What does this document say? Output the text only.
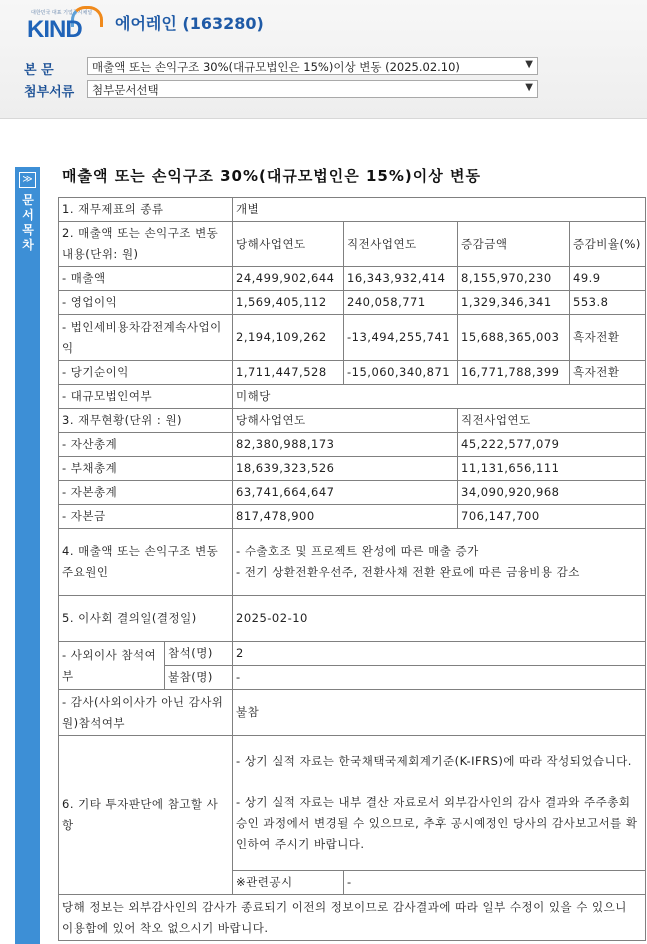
대한민국 대표 기업공시채널
KIND 에어레인 (163280)
본 문	매출액 또는 손익구조 30%(대규모법인은 15%)이상 변동 (2025.02.10)	▼
첨부서류	첨부문서선택	▼
≫
문서목차
매출액 또는 손익구조 30%(대규모법인은 15%)이상 변동
1. 재무제표의 종류		개별			
2. 매출액 또는 손익구조 변동내용(단위: 원)		당해사업연도	직전사업연도	증감금액	증감비율(%)
- 매출액		24,499,902,644	16,343,932,414	8,155,970,230	49.9
- 영업이익		1,569,405,112	240,058,771	1,329,346,341	553.8
- 법인세비용차감전계속사업이익		2,194,109,262	-13,494,255,741	15,688,365,003	흑자전환
- 당기순이익		1,711,447,528	-15,060,340,871	16,771,788,399	흑자전환
- 대규모법인여부		미해당			
3. 재무현황(단위 : 원)		당해사업연도		직전사업연도	
- 자산총계		82,380,988,173		45,222,577,079	
- 부채총계		18,639,323,526		11,131,656,111	
- 자본총계		63,741,664,647		34,090,920,968	
- 자본금		817,478,900		706,147,700	
4. 매출액 또는 손익구조 변동 주요원인		- 수출호조 및 프로젝트 완성에 따른 매출 증가
- 전기 상환전환우선주, 전환사채 전환 완료에 따른 금융비용 감소			

5. 이사회 결의일(결정일)		2025-02-10			
- 사외이사 참석여부	참석(명)	2			
	불참(명)	-			
- 감사(사외이사가 아닌 감사위원)참석여부		불참			
6. 기타 투자판단에 참고할 사항		- 상기 실적 자료는 한국채택국제회계기준(K-IFRS)에 따라 작성되었습니다.
- 상기 실적 자료는 내부 결산 자료로서 외부감사인의 감사 결과와 주주총회 승인 과정에서 변경될 수 있으므로, 추후 공시예정인 당사의 감사보고서를 확인하여 주시기 바랍니다.			

		※관련공시	-		
당해 정보는 외부감사인의 감사가 종료되기 이전의 정보이므로 감사결과에 따라 일부 수정이 있을 수 있으니 이용함에 있어 착오 없으시기 바랍니다.					
